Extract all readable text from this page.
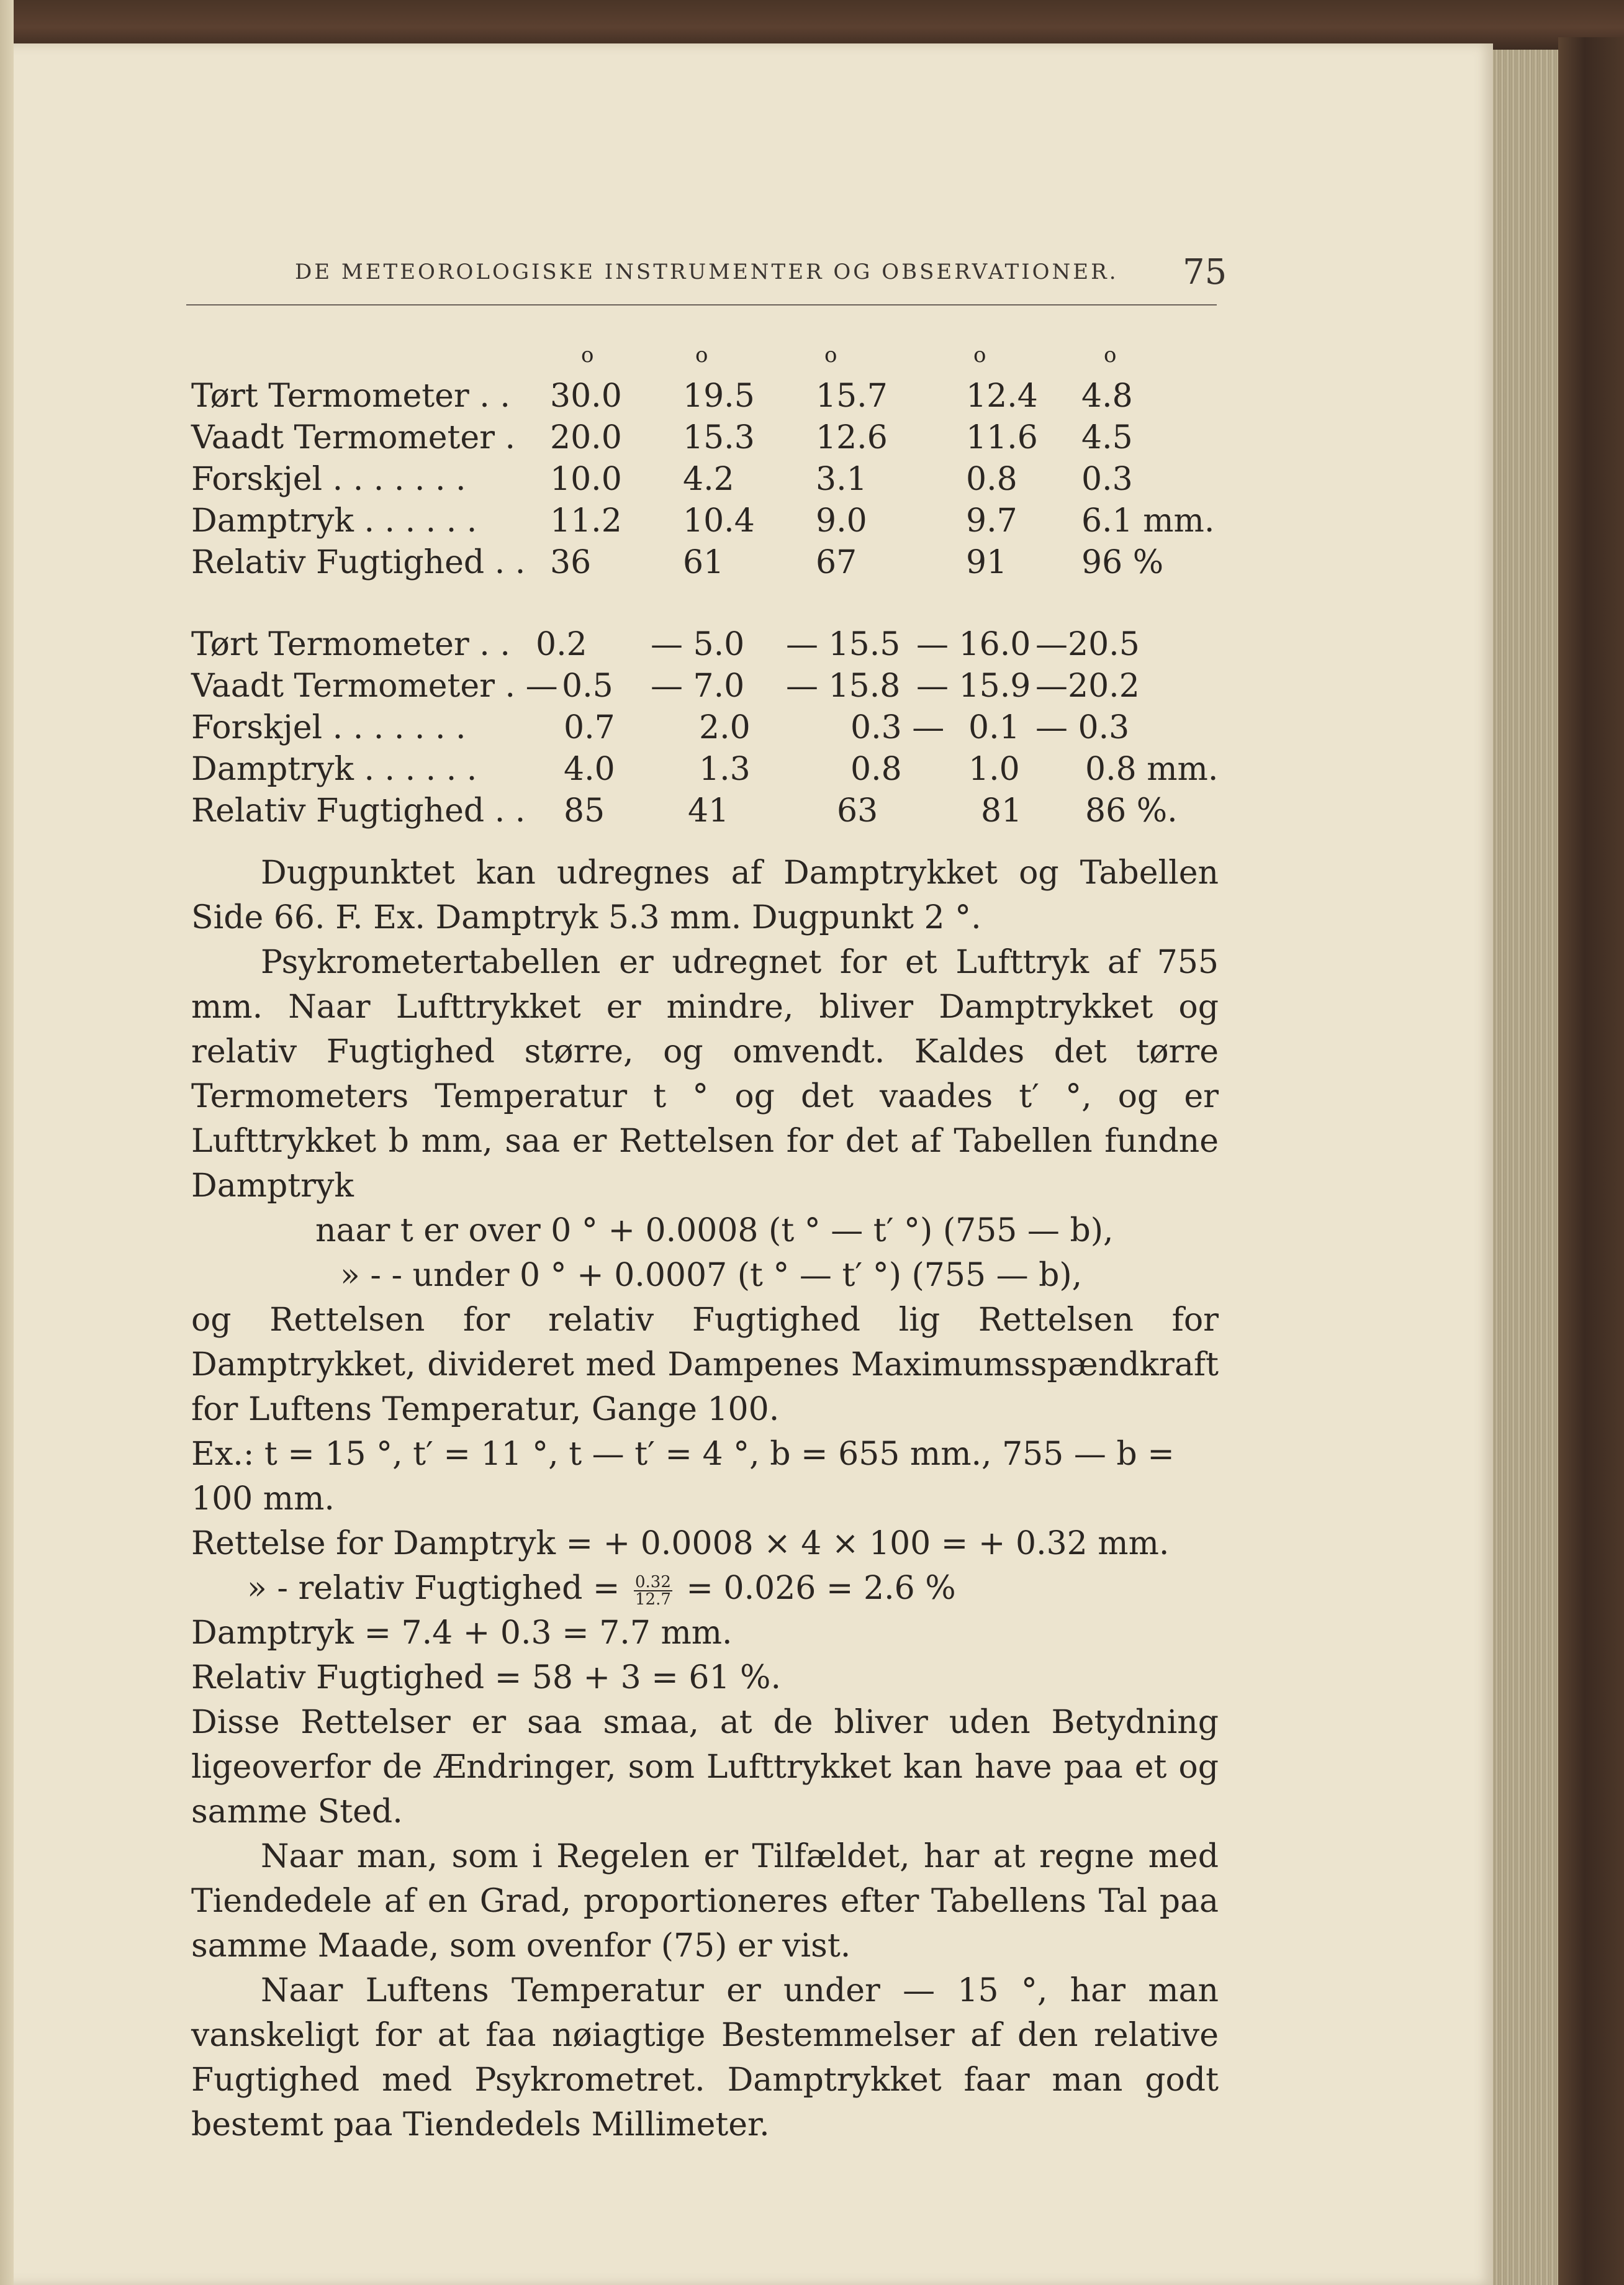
DE METEOROLOGISKE INSTRUMENTER OG OBSERVATIONER.	75
o	o	o	o	o
Tørt Termometer . . 30.0 19.5 15.7 12.4 4.8
Vaadt Termometer . 20.0 15.3 12.6 11.6 4.5
Forskjel . . . . . . .	10.0 4.2	3.1	0.8 0.3
Damptryk . . . . . . 11.2 10.4 9.0	9.7 6.1 mm.
Relativ Fugtighed . . 36	61	67	91 96 %
Tørt Termometer . . 0.2 — 5.0 — 15.5 — 16.0 —20.5
Vaadt Termometer . — 0.5 — 7.0 — 15.8 — 15.9 —20.2
Forskjel . . . . . . .	0.7	2.0	0.3 — 0.1 — 0.3
Damptryk . . . . . .	4.0	1.3	0.8 1.0 0.8 mm.
Relativ Fugtighed . . 85	41	63	81 86 %.

Dugpunktet kan udregnes af Damptrykket og Tabellen Side 66. F. Ex. Damptryk 5.3 mm. Dugpunkt 2 °.

Psykrometertabellen er udregnet for et Lufttryk af 755 mm. Naar Lufttrykket er mindre, bliver Damptrykket og relativ Fugtighed større, og omvendt. Kaldes det tørre Termometers Temperatur t ° og det vaades t′ °, og er Lufttrykket b mm, saa er Rettelsen for det af Tabellen fundne Damptryk

naar t er over 0 ° + 0.0008 (t ° — t′ °) (755 — b),

» - - under 0 ° + 0.0007 (t ° — t′ °) (755 — b),

og Rettelsen for relativ Fugtighed lig Rettelsen for Damptrykket, divideret med Dampenes Maximumsspændkraft for Luftens Temperatur, Gange 100.

Ex.: t = 15 °, t′ = 11 °, t — t′ = 4 °, b = 655 mm., 755 — b = 100 mm.

Rettelse for Damptryk = + 0.0008 × 4 × 100 = + 0.32 mm.

» - relativ Fugtighed = $\frac{0.32}{12.7} = 0.026 = 2.6$ %

Damptryk = 7.4 + 0.3 = 7.7 mm.

Relativ Fugtighed = 58 + 3 = 61 %.

Disse Rettelser er saa smaa, at de bliver uden Betydning ligeoverfor de Ændringer, som Lufttrykket kan have paa et og samme Sted.

Naar man, som i Regelen er Tilfældet, har at regne med Tiendedele af en Grad, proportioneres efter Tabellens Tal paa samme Maade, som ovenfor (75) er vist.

Naar Luftens Temperatur er under — 15 °, har man vanskeligt for at faa nøiagtige Bestemmelser af den relative Fugtighed med Psykrometret. Damptrykket faar man godt bestemt paa Tiendedels Millimeter.
